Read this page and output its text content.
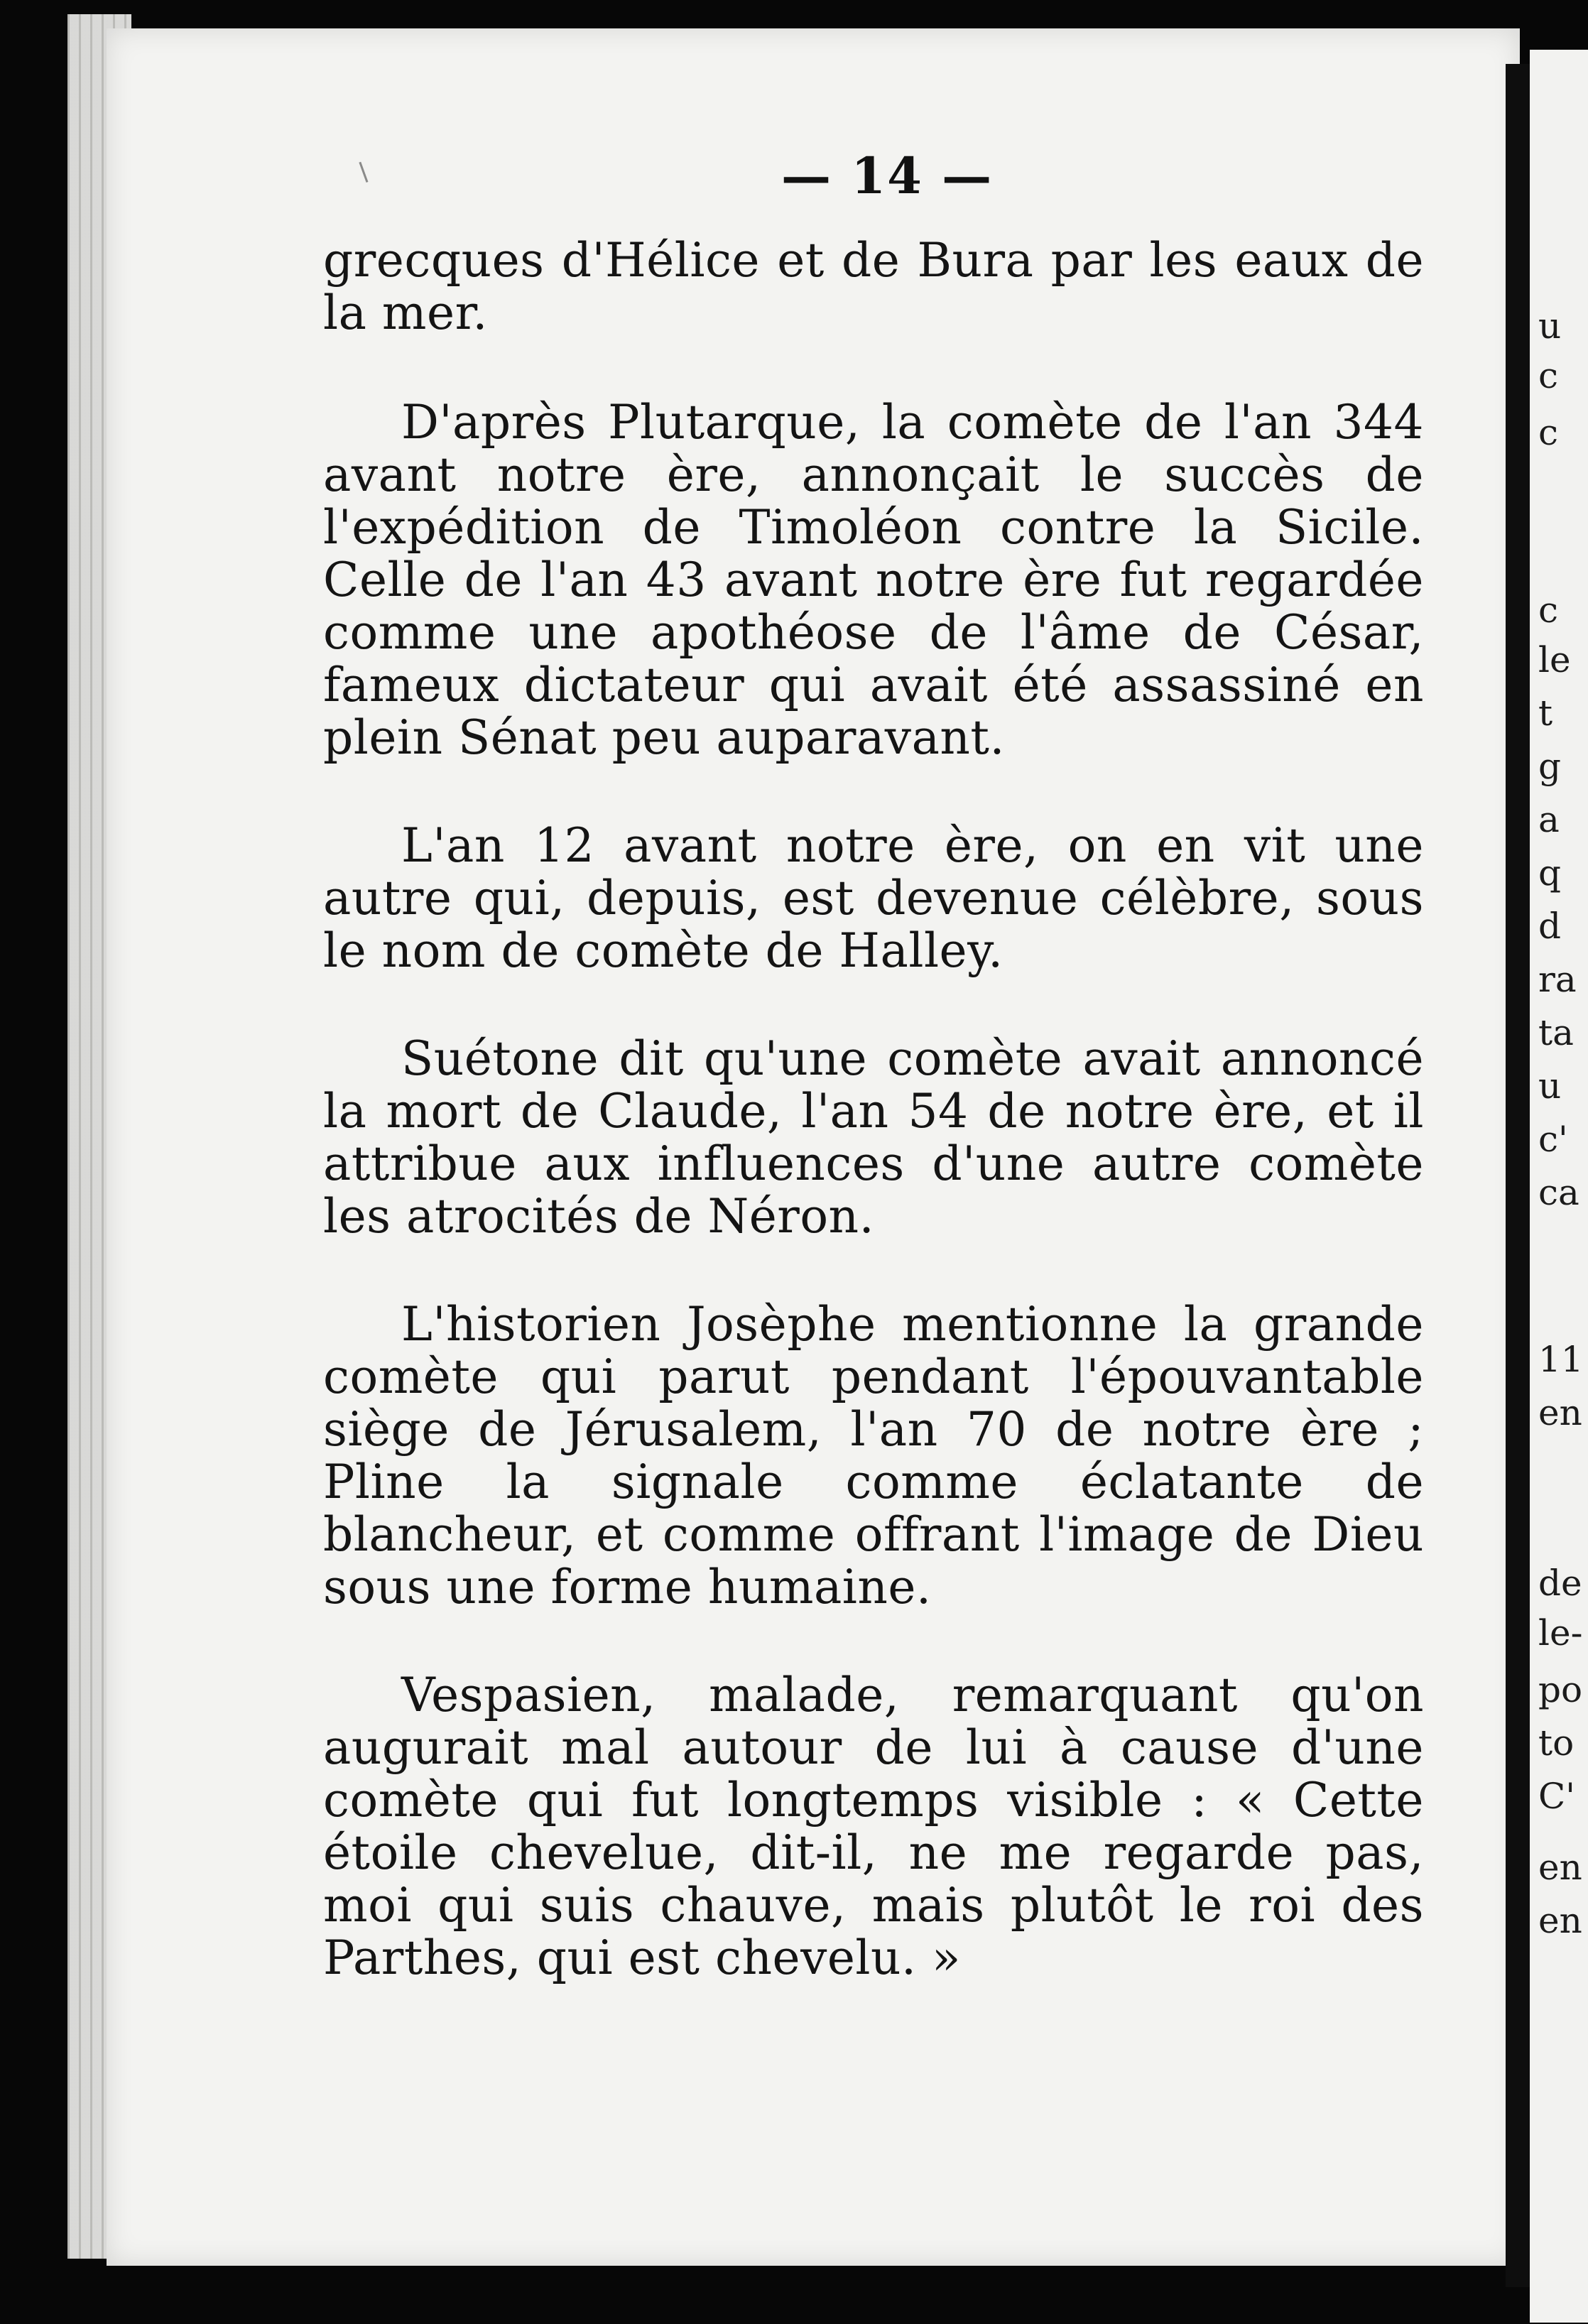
— 14 —

grecques d'Hélice et de Bura par les eaux de la mer.

D'après Plutarque, la comète de l'an 344 avant notre ère, annonçait le succès de l'expédition de Timoléon contre la Sicile. Celle de l'an 43 avant notre ère fut regardée comme une apothéose de l'âme de César, fameux dictateur qui avait été assassiné en plein Sénat peu auparavant.

L'an 12 avant notre ère, on en vit une autre qui, depuis, est devenue célèbre, sous le nom de comète de Halley.

Suétone dit qu'une comète avait annoncé la mort de Claude, l'an 54 de notre ère, et il attribue aux influences d'une autre comète les atrocités de Néron.

L'historien Josèphe mentionne la grande comète qui parut pendant l'épouvantable siège de Jérusalem, l'an 70 de notre ère ; Pline la signale comme éclatante de blancheur, et comme offrant l'image de Dieu sous une forme humaine.

Vespasien, malade, remarquant qu'on augurait mal autour de lui à cause d'une comète qui fut longtemps visible : « Cette étoile chevelue, dit-il, ne me regarde pas, moi qui suis chauve, mais plutôt le roi des Parthes, qui est chevelu. »

u
c
c
c
le
t
g
a
q
d
ra
ta
u
c'
ca
11
en
de
le-
po
to
C'
en
en
